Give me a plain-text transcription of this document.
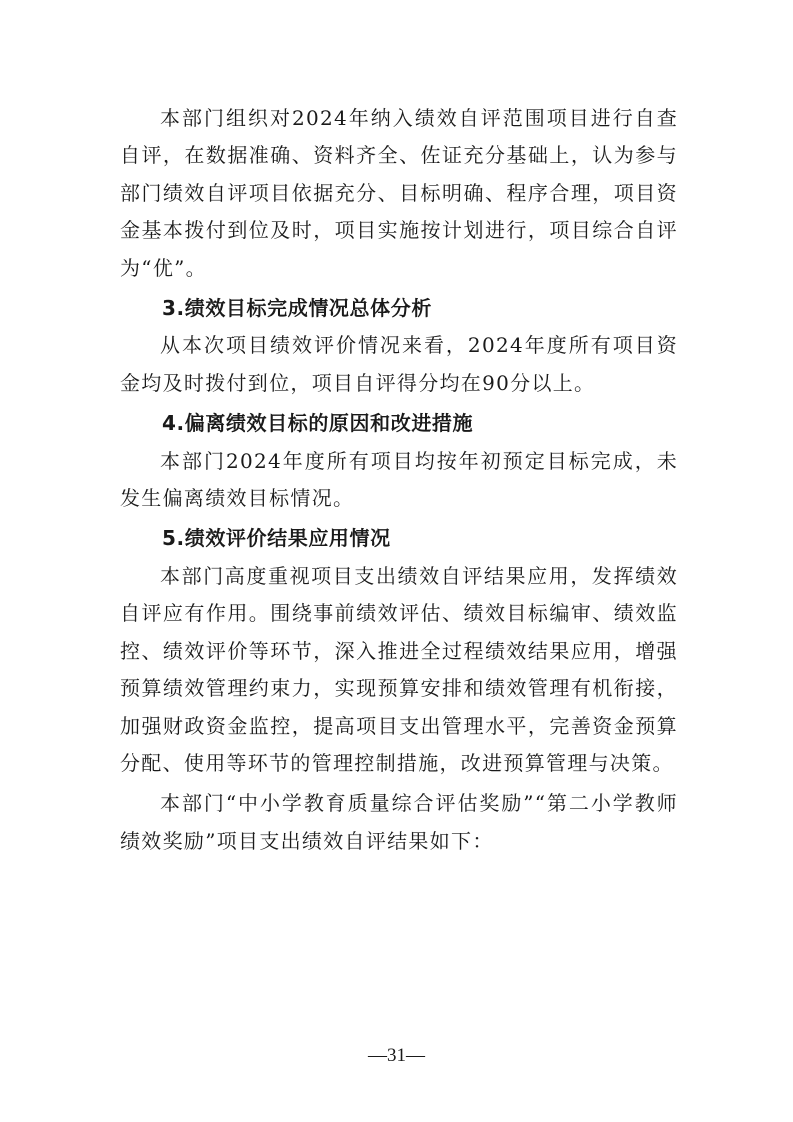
本部门组织对2024年纳入绩效自评范围项目进行自查自评，在数据准确、资料齐全、佐证充分基础上，认为参与部门绩效自评项目依据充分、目标明确、程序合理，项目资金基本拨付到位及时，项目实施按计划进行，项目综合自评为“优”。

3.绩效目标完成情况总体分析

从本次项目绩效评价情况来看，2024年度所有项目资金均及时拨付到位，项目自评得分均在90分以上。

4.偏离绩效目标的原因和改进措施

本部门2024年度所有项目均按年初预定目标完成，未发生偏离绩效目标情况。

5.绩效评价结果应用情况

本部门高度重视项目支出绩效自评结果应用，发挥绩效自评应有作用。围绕事前绩效评估、绩效目标编审、绩效监控、绩效评价等环节，深入推进全过程绩效结果应用，增强预算绩效管理约束力，实现预算安排和绩效管理有机衔接，加强财政资金监控，提高项目支出管理水平，完善资金预算分配、使用等环节的管理控制措施，改进预算管理与决策。

本部门“中小学教育质量综合评估奖励”“第二小学教师绩效奖励”项目支出绩效自评结果如下：

—31—
